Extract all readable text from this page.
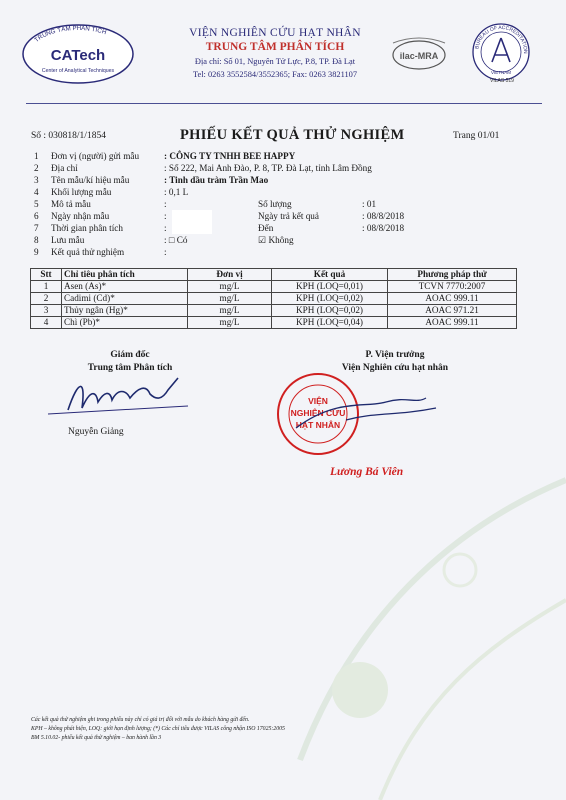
TRUNG TÂM PHÂN TÍCH
CATech
Center of Analytical Techniques
VIỆN NGHIÊN CỨU HẠT NHÂN
TRUNG TÂM PHÂN TÍCH
Địa chỉ: Số 01, Nguyên Tử Lực, P.8, TP. Đà Lạt
Tel: 0263 3552584/3552365; Fax: 0263 3821107
ilac-MRA
BUREAU OF ACCREDITATION
VIETNAM
VILAS 519
Số : 030818/1/1854	PHIẾU KẾT QUẢ THỬ NGHIỆM	Trang 01/01
1 Đơn vị (người) gửi mẫu	: CÔNG TY TNHH BEE HAPPY
2 Địa chỉ	: Số 222, Mai Anh Đào, P. 8, TP. Đà Lạt, tỉnh Lâm Đồng
3 Tên mẫu/kí hiệu mẫu	: Tinh dầu tràm Trần Mao
4 Khối lượng mẫu	: 0,1 L
5 Mô tả mẫu	:	Số lượng	: 01
6 Ngày nhận mẫu	:	Ngày trả kết quả	: 08/8/2018
7 Thời gian phân tích	:	Đến	: 08/8/2018
8 Lưu mẫu	: □ Có	☑ Không
9 Kết quả thử nghiệm	:
Stt	Chỉ tiêu phân tích	Đơn vị	Kết quả	Phương pháp thử
1	Asen (As)*	mg/L	KPH (LOQ=0,01)	TCVN 7770:2007
2	Cadimi (Cd)*	mg/L	KPH (LOQ=0,02)	AOAC 999.11
3	Thủy ngân (Hg)*	mg/L	KPH (LOQ=0,02)	AOAC 971.21
4	Chì (Pb)*	mg/L	KPH (LOQ=0,04)	AOAC 999.11
Giám đốc
Trung tâm Phân tích
Nguyễn Giảng
P. Viện trưởng
Viện Nghiên cứu hạt nhân
VIỆN
NGHIÊN CỨU
HẠT NHÂN
Lương Bá Viên
Các kết quả thử nghiệm ghi trong phiếu này chỉ có giá trị đối với mẫu do khách hàng gửi đến.
KPH – không phát hiện, LOQ: giới hạn định lượng; (*) Các chỉ tiêu được VILAS công nhận ISO 17025:2005
BM 5.10.02- phiếu kết quả thử nghiệm – ban hành lần 3
